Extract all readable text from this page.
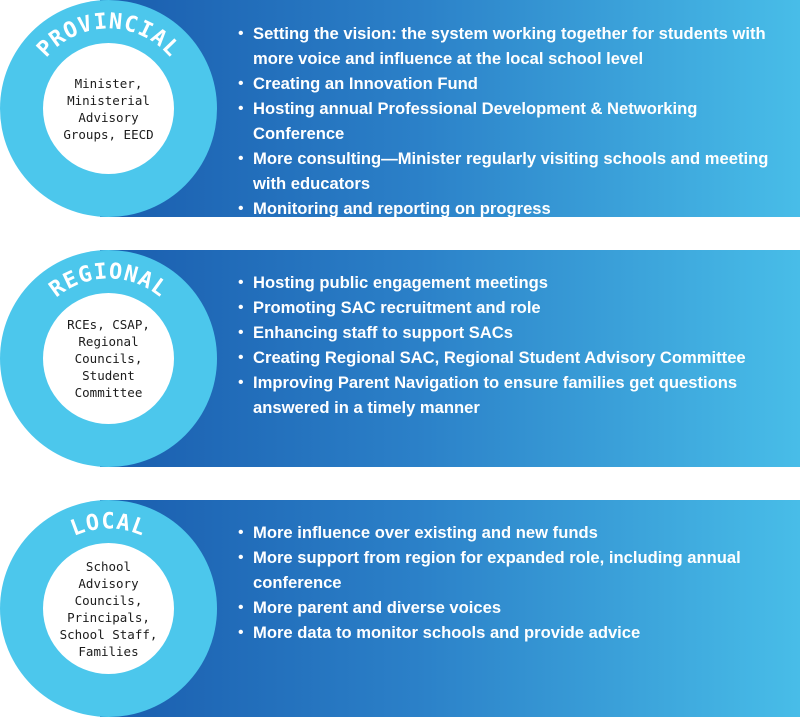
PROVINCIAL
Minister,
Ministerial
Advisory
Groups, EECD
• Setting the vision: the system working together for students with more voice and influence at the local school level
• Creating an Innovation Fund
• Hosting annual Professional Development & Networking Conference
• More consulting—Minister regularly visiting schools and meeting with educators
• Monitoring and reporting on progress
REGIONAL
RCEs, CSAP,
Regional
Councils, Student
Committee
• Hosting public engagement meetings
• Promoting SAC recruitment and role
• Enhancing staff to support SACs
• Creating Regional SAC, Regional Student Advisory Committee
• Improving Parent Navigation to ensure families get questions answered in a timely manner
LOCAL
School
Advisory Councils,
Principals,
School Staff,
Families
• More influence over existing and new funds
• More support from region for expanded role, including annual conference
• More parent and diverse voices
• More data to monitor schools and provide advice
